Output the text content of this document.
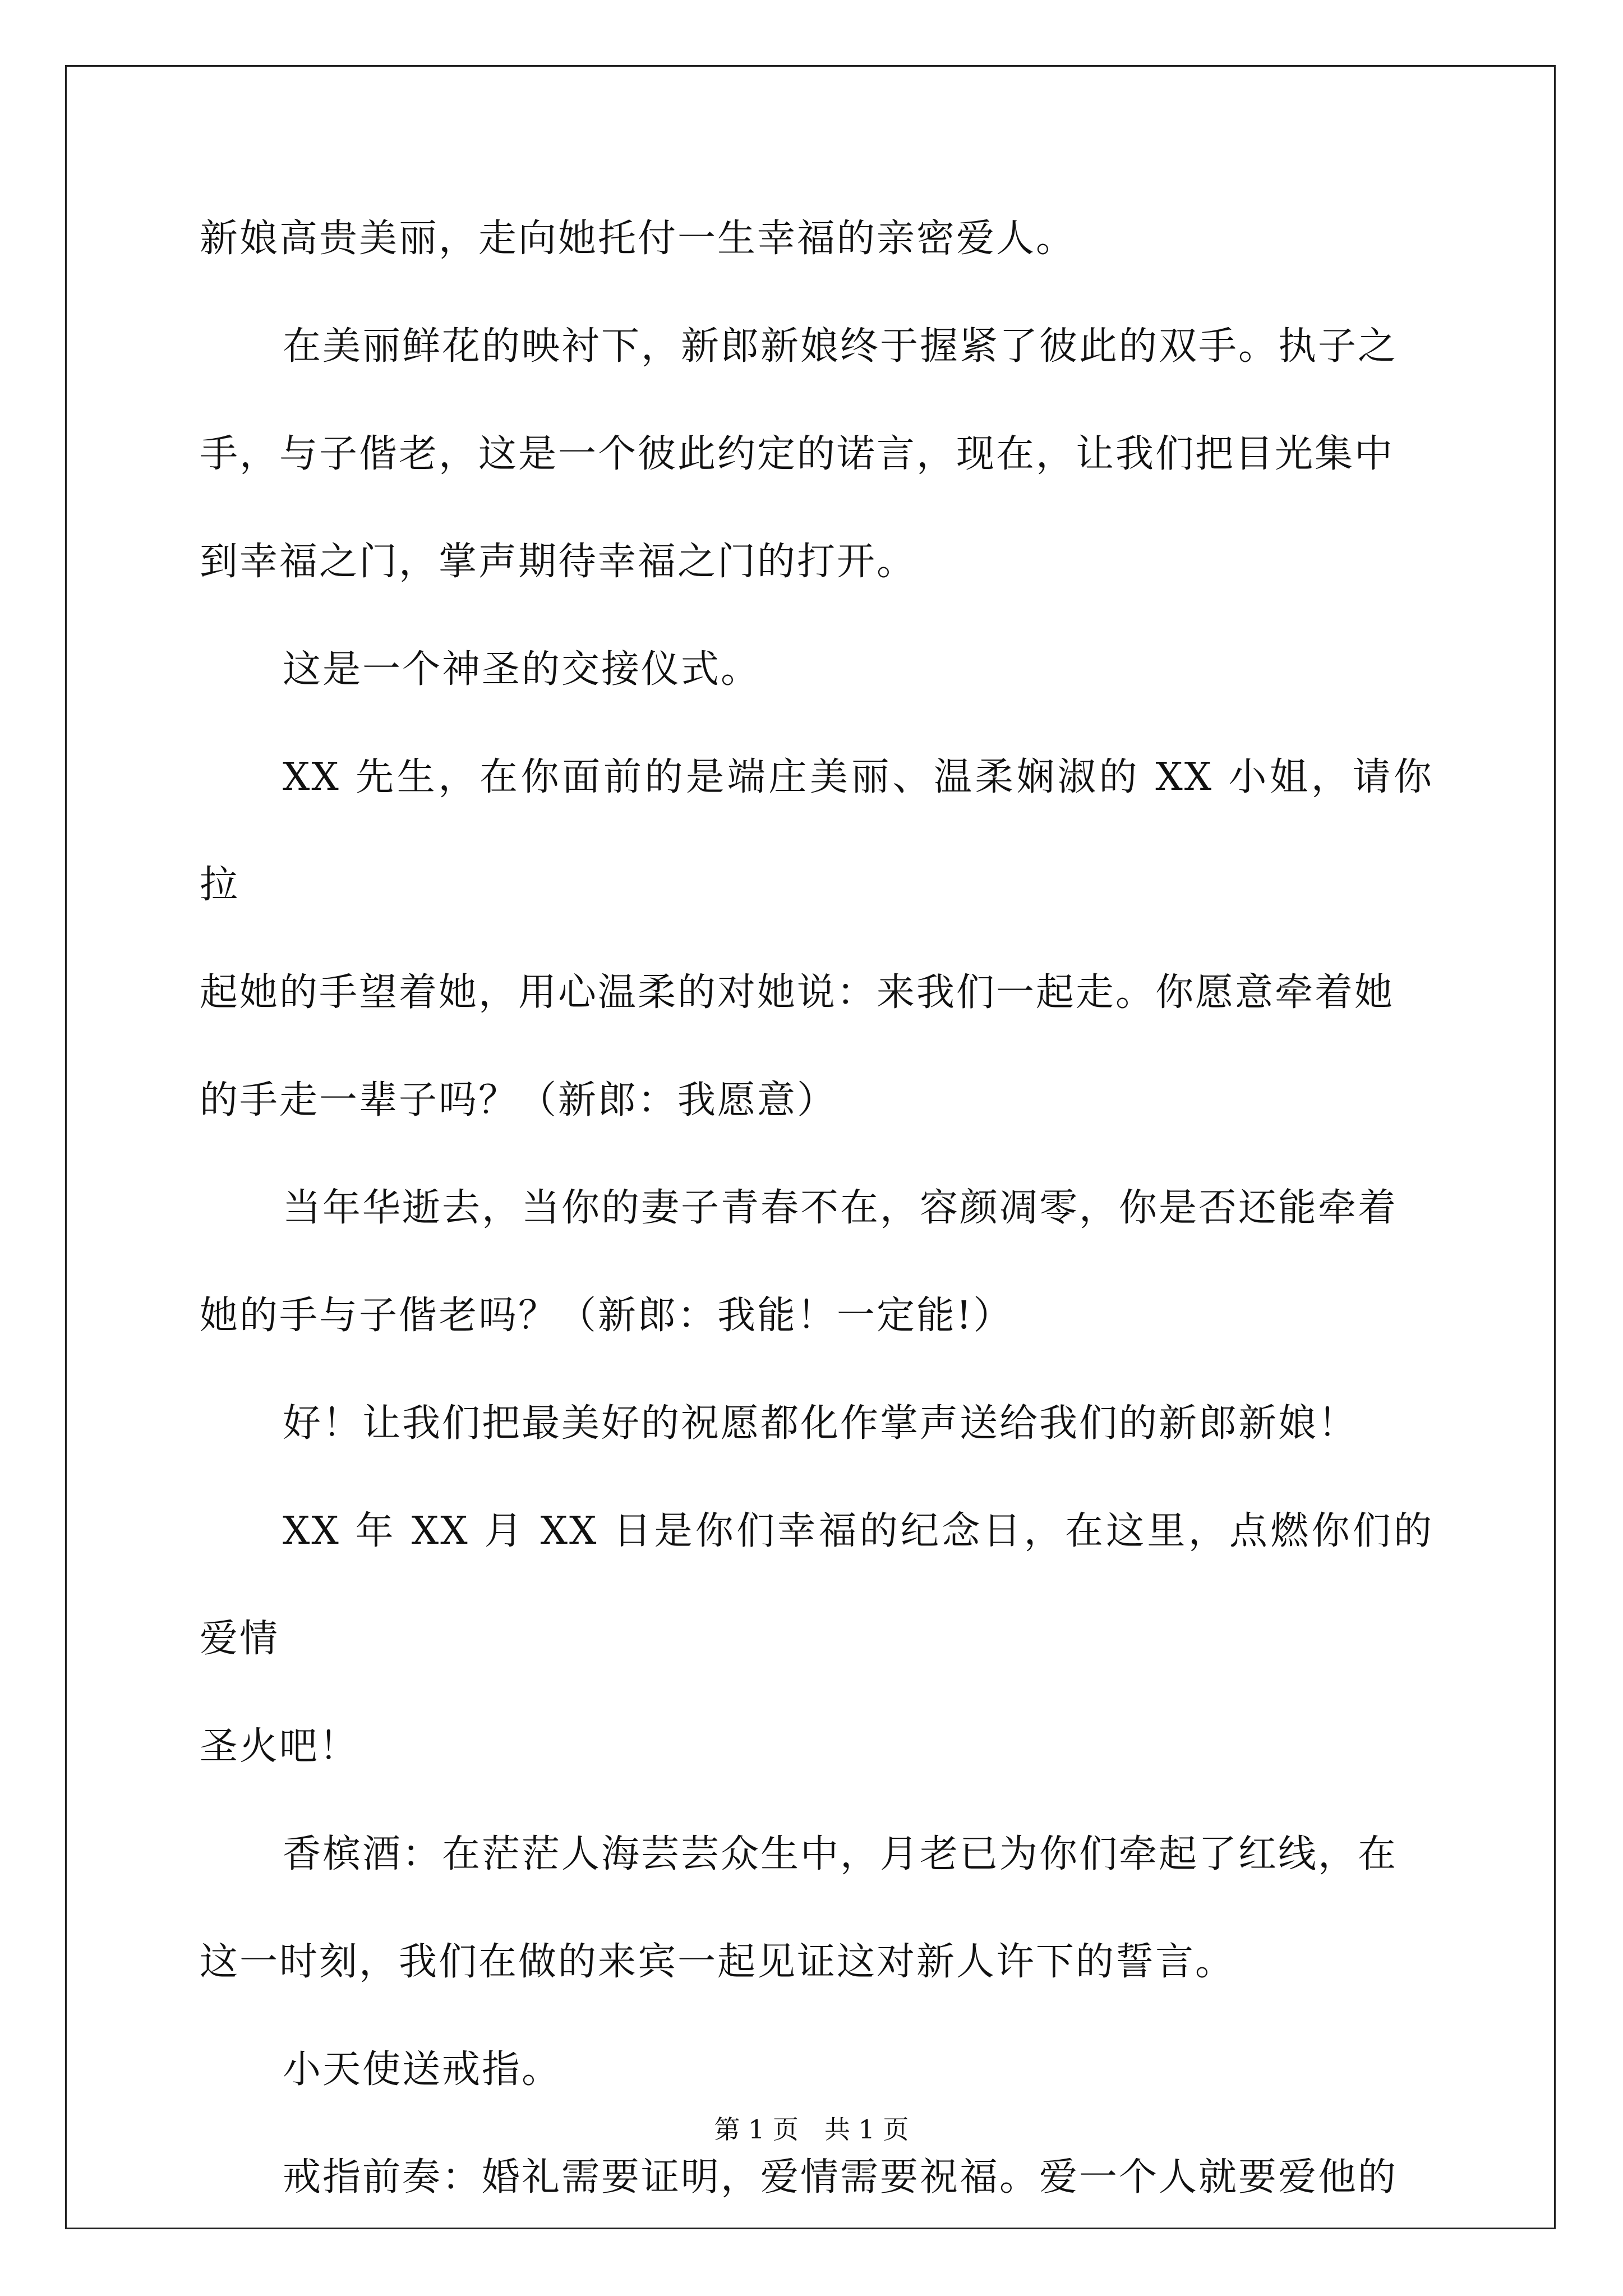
新娘高贵美丽，走向她托付一生幸福的亲密爱人。

在美丽鲜花的映衬下，新郎新娘终于握紧了彼此的双手。执子之

手，与子偕老，这是一个彼此约定的诺言，现在，让我们把目光集中

到幸福之门，掌声期待幸福之门的打开。

这是一个神圣的交接仪式。

XX 先生，在你面前的是端庄美丽、温柔娴淑的 XX 小姐，请你拉

起她的手望着她，用心温柔的对她说：来我们一起走。你愿意牵着她

的手走一辈子吗？（新郎：我愿意）

当年华逝去，当你的妻子青春不在，容颜凋零，你是否还能牵着

她的手与子偕老吗？（新郎：我能！一定能!）

好！让我们把最美好的祝愿都化作掌声送给我们的新郎新娘！

XX 年 XX 月 XX 日是你们幸福的纪念日，在这里，点燃你们的爱情

圣火吧！

香槟酒：在茫茫人海芸芸众生中，月老已为你们牵起了红线，在

这一时刻，我们在做的来宾一起见证这对新人许下的誓言。

小天使送戒指。

戒指前奏：婚礼需要证明，爱情需要祝福。爱一个人就要爱他的

第 1 页　共 1 页
